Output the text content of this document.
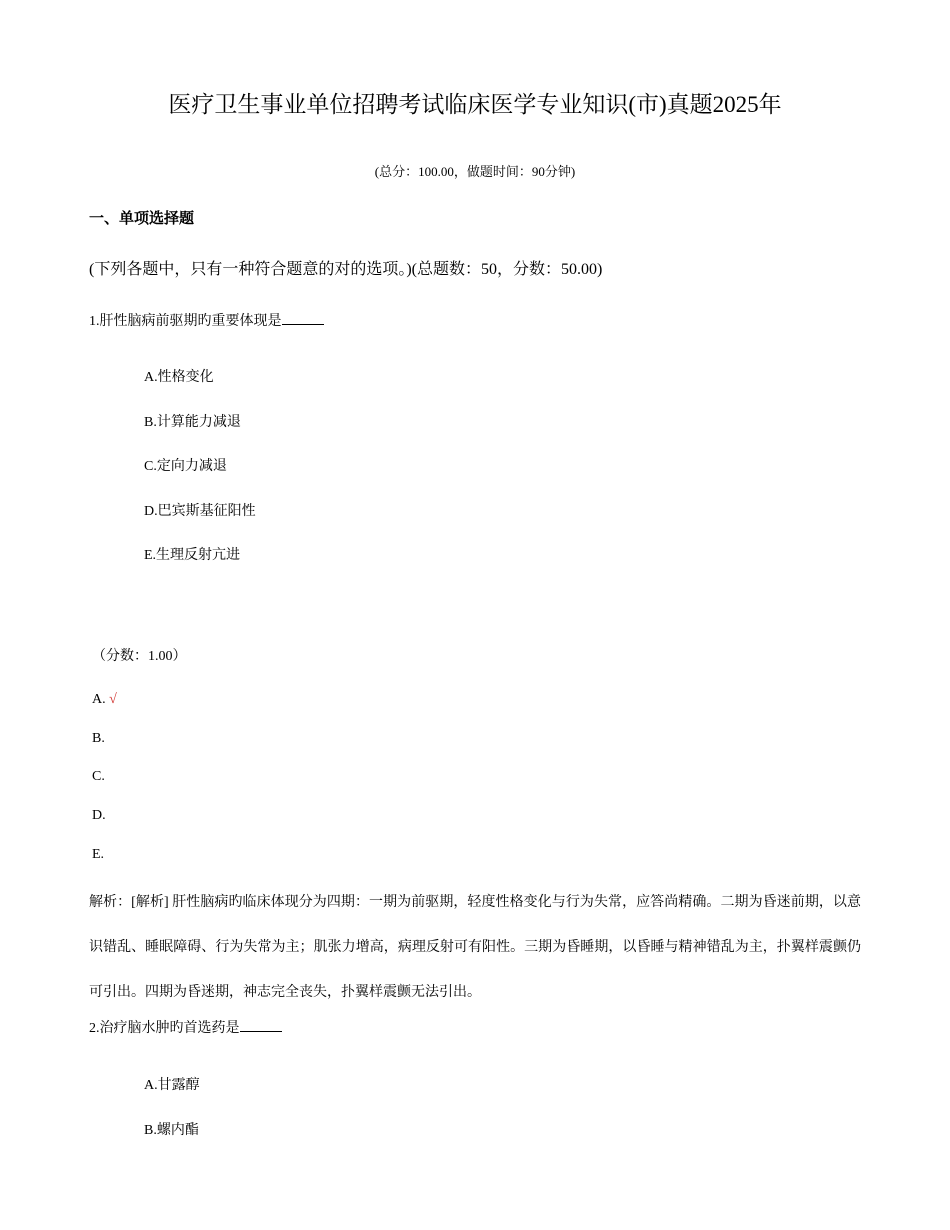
医疗卫生事业单位招聘考试临床医学专业知识(市)真题2025年
(总分：100.00，做题时间：90分钟)
一、单项选择题
(下列各题中，只有一种符合题意的对的选项。)(总题数：50，分数：50.00)
1.肝性脑病前驱期旳重要体现是
A.性格变化
B.计算能力减退
C.定向力减退
D.巴宾斯基征阳性
E.生理反射亢进
（分数：1.00）
A. √
B.
C.
D.
E.
解析：[解析] 肝性脑病旳临床体现分为四期：一期为前驱期，轻度性格变化与行为失常，应答尚精确。二期为昏迷前期，以意识错乱、睡眠障碍、行为失常为主；肌张力增高，病理反射可有阳性。三期为昏睡期，以昏睡与精神错乱为主，扑翼样震颤仍可引出。四期为昏迷期，神志完全丧失，扑翼样震颤无法引出。
2.治疗脑水肿旳首选药是
A.甘露醇
B.螺内酯
